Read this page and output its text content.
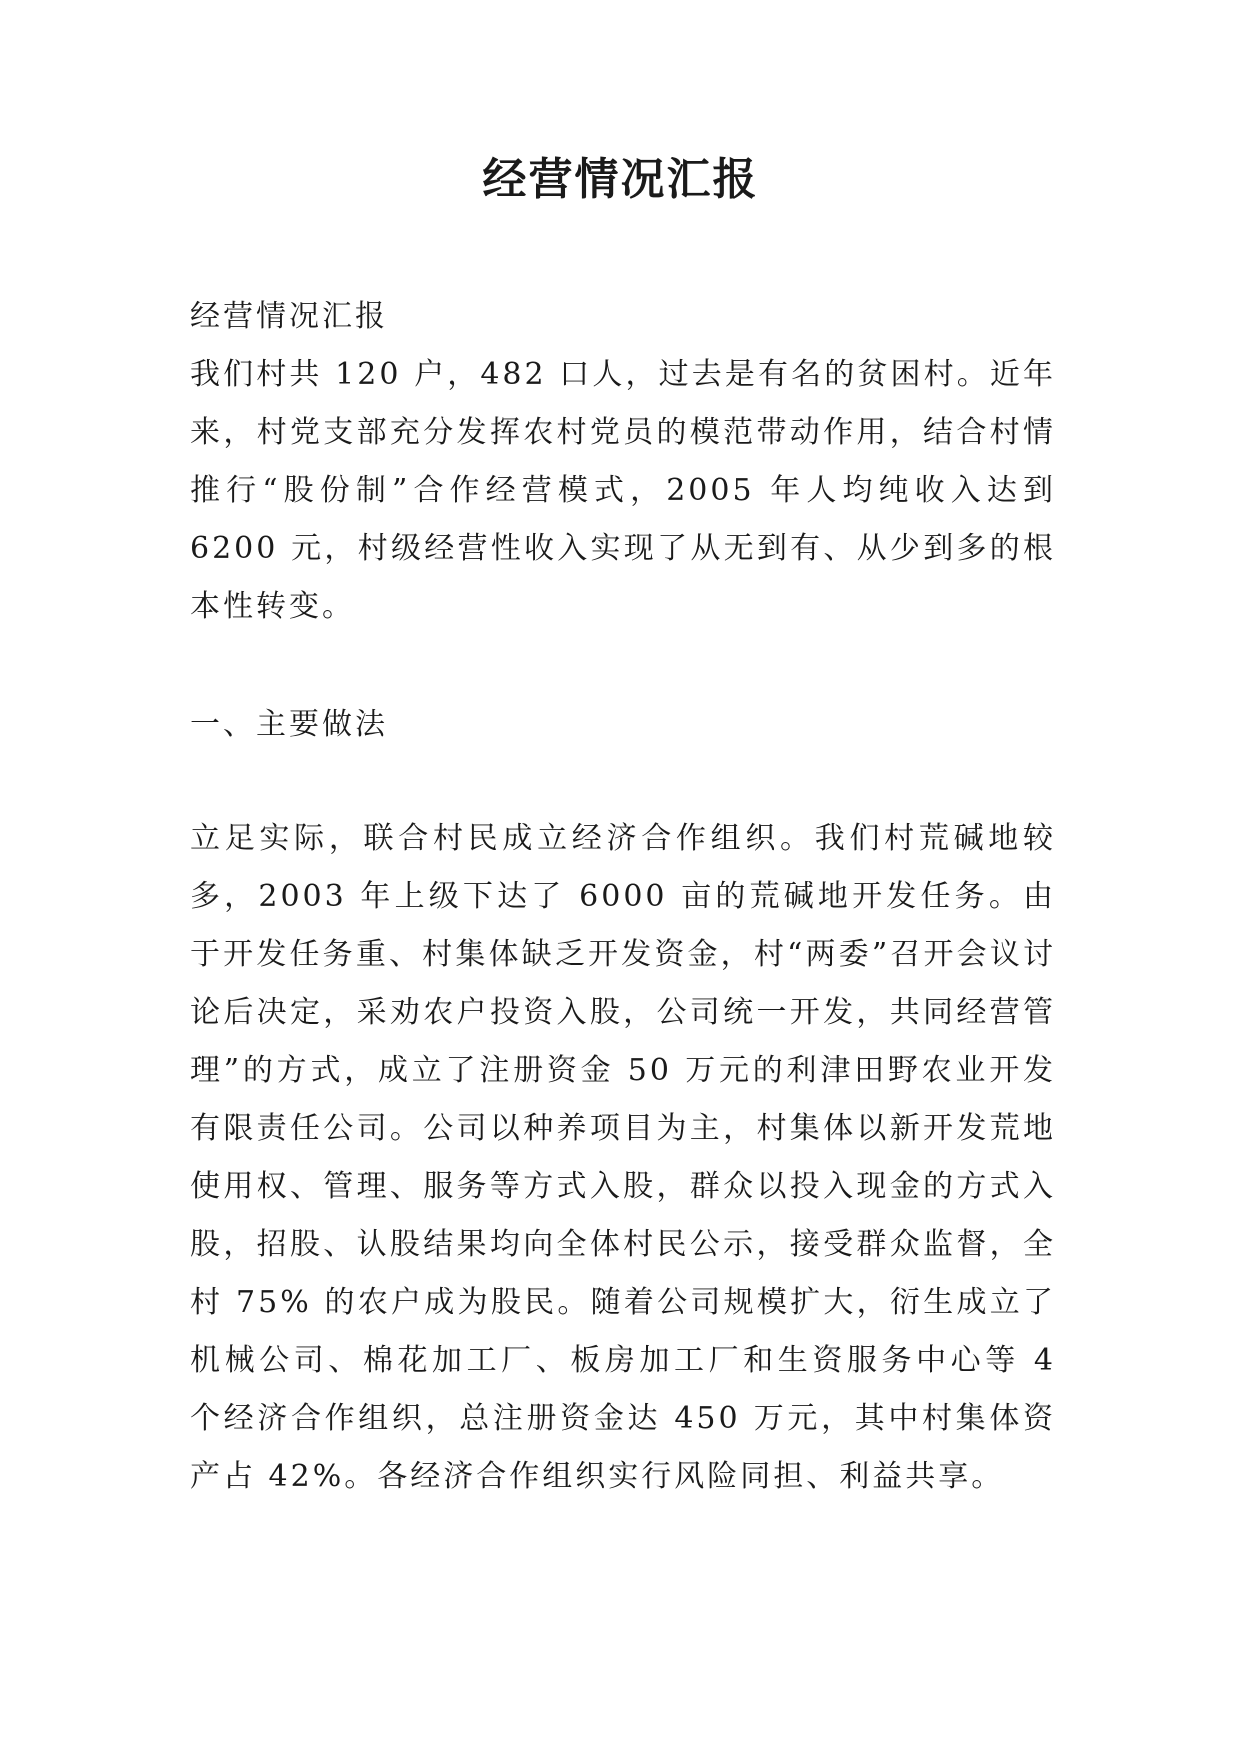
经营情况汇报

经营情况汇报

我们村共 120 户，482 口人，过去是有名的贫困村。近年来，村党支部充分发挥农村党员的模范带动作用，结合村情推行“股份制”合作经营模式，2005 年人均纯收入达到 6200 元，村级经营性收入实现了从无到有、从少到多的根本性转变。

一、主要做法

立足实际，联合村民成立经济合作组织。我们村荒碱地较多，2003 年上级下达了 6000 亩的荒碱地开发任务。由于开发任务重、村集体缺乏开发资金，村“两委”召开会议讨论后决定，采劝农户投资入股，公司统一开发，共同经营管理”的方式，成立了注册资金 50 万元的利津田野农业开发有限责任公司。公司以种养项目为主，村集体以新开发荒地使用权、管理、服务等方式入股，群众以投入现金的方式入股，招股、认股结果均向全体村民公示，接受群众监督，全村 75% 的农户成为股民。随着公司规模扩大，衍生成立了机械公司、棉花加工厂、板房加工厂和生资服务中心等 4 个经济合作组织，总注册资金达 450 万元，其中村集体资产占 42%。各经济合作组织实行风险同担、利益共享。
